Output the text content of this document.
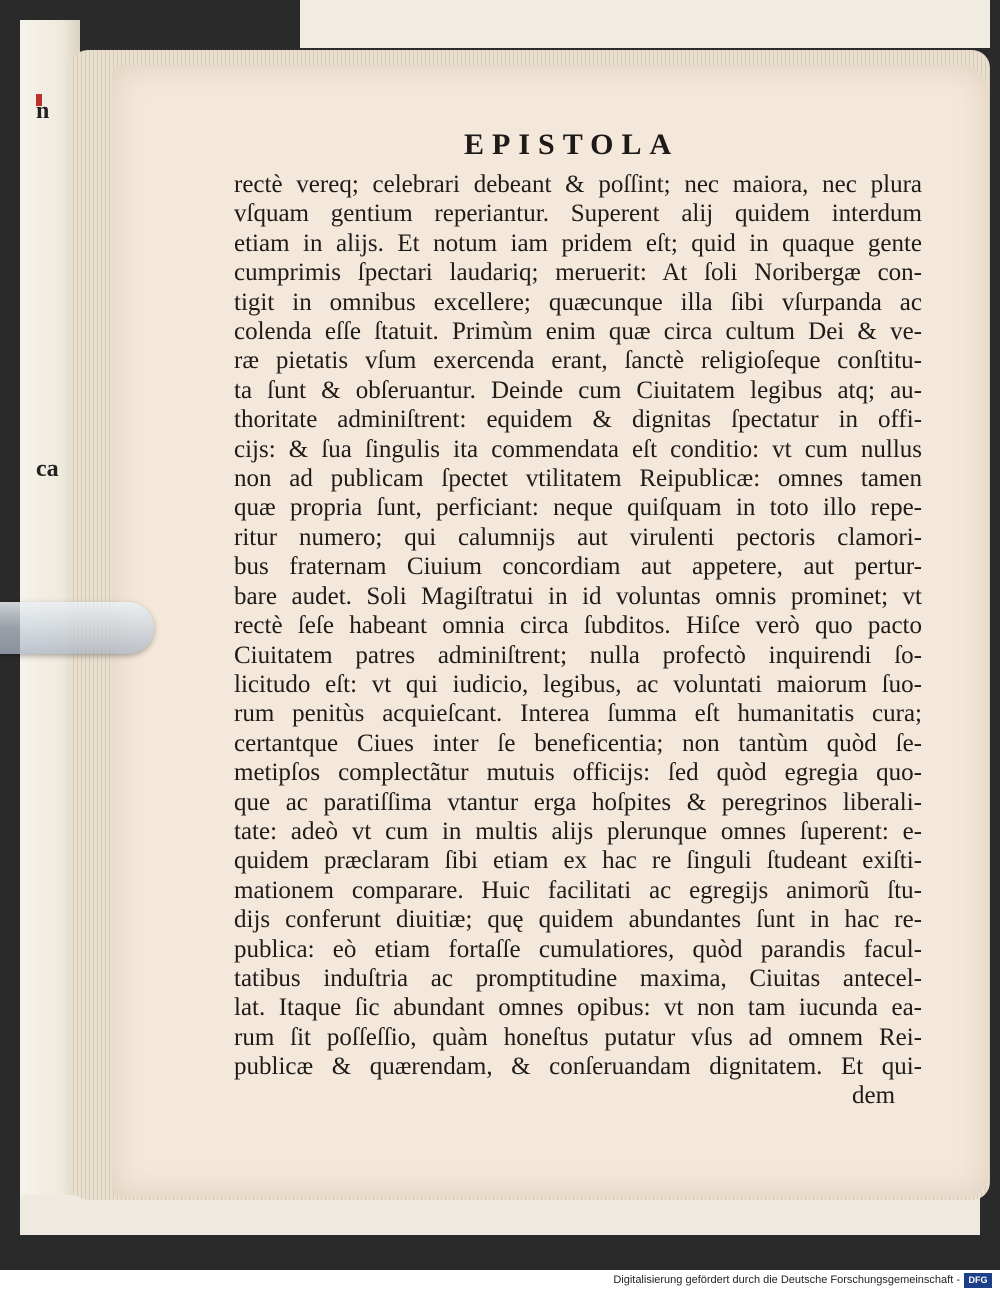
n
ca
EPISTOLA
rectè vereq; celebrari debeant & poſſint; nec maiora, nec plura
vſquam gentium reperiantur. Superent alij quidem interdum
etiam in alijs. Et notum iam pridem eſt; quid in quaque gente
cumprimis ſpectari laudariq; meruerit: At ſoli Noribergæ con-
tigit in omnibus excellere; quæcunque illa ſibi vſurpanda ac
colenda eſſe ſtatuit. Primùm enim quæ circa cultum Dei & ve-
ræ pietatis vſum exercenda erant, ſanctè religioſeque conſtitu-
ta ſunt & obſeruantur. Deinde cum Ciuitatem legibus atq; au-
thoritate adminiſtrent: equidem & dignitas ſpectatur in offi-
cijs: & ſua ſingulis ita commendata eſt conditio: vt cum nullus
non ad publicam ſpectet vtilitatem Reipublicæ: omnes tamen
quæ propria ſunt, perficiant: neque quiſquam in toto illo repe-
ritur numero; qui calumnijs aut virulenti pectoris clamori-
bus fraternam Ciuium concordiam aut appetere, aut pertur-
bare audet. Soli Magiſtratui in id voluntas omnis prominet; vt
rectè ſeſe habeant omnia circa ſubditos. Hiſce verò quo pacto
Ciuitatem patres adminiſtrent; nulla profectò inquirendi ſo-
licitudo eſt: vt qui iudicio, legibus, ac voluntati maiorum ſuo-
rum penitùs acquieſcant. Interea ſumma eſt humanitatis cura;
certantque Ciues inter ſe beneficentia; non tantùm quòd ſe-
metipſos complectãtur mutuis officijs: ſed quòd egregia quo-
que ac paratiſſima vtantur erga hoſpites & peregrinos liberali-
tate: adeò vt cum in multis alijs plerunque omnes ſuperent: e-
quidem præclaram ſibi etiam ex hac re ſinguli ſtudeant exiſti-
mationem comparare. Huic facilitati ac egregijs animorũ ſtu-
dijs conferunt diuitiæ; quę quidem abundantes ſunt in hac re-
publica: eò etiam fortaſſe cumulatiores, quòd parandis facul-
tatibus induſtria ac promptitudine maxima, Ciuitas antecel-
lat. Itaque ſic abundant omnes opibus: vt non tam iucunda ea-
rum ſit poſſeſſio, quàm honeſtus putatur vſus ad omnem Rei-
publicæ & quærendam, & conſeruandam dignitatem. Et qui-
dem
Digitalisierung gefördert durch die Deutsche Forschungsgemeinschaft - DFG
